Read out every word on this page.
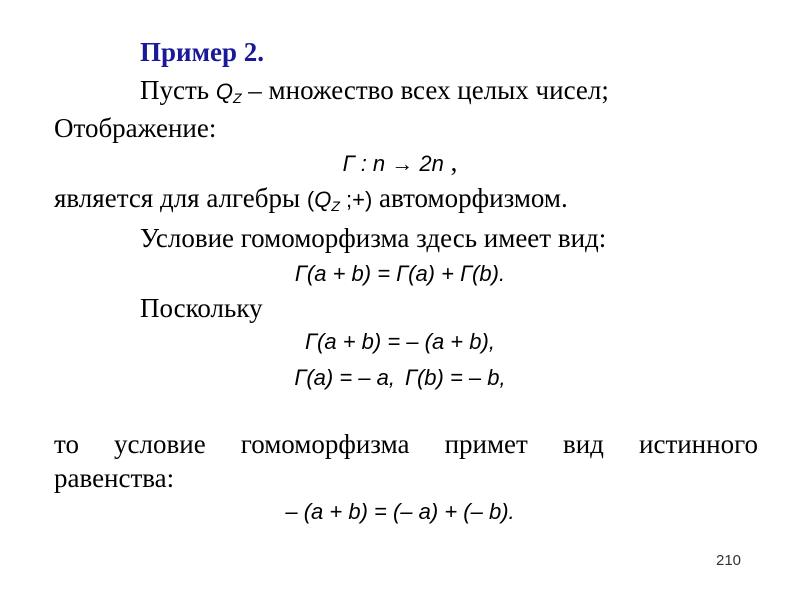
Пример 2.
Пусть $Q_Z$ – множество всех целых чисел;
Отображение:
Г : n → 2n ,
является для алгебры ($Q_Z$ ;+) автоморфизмом.
Условие гомоморфизма здесь имеет вид:
Г(a + b) = Г(a) + Г(b).
Поскольку
Г(a + b) = – (a + b),
Г(a) = – a, Г(b) = – b,
то условие гомоморфизма примет вид истинного
равенства:
– (a + b) = (– a) + (– b).
210
